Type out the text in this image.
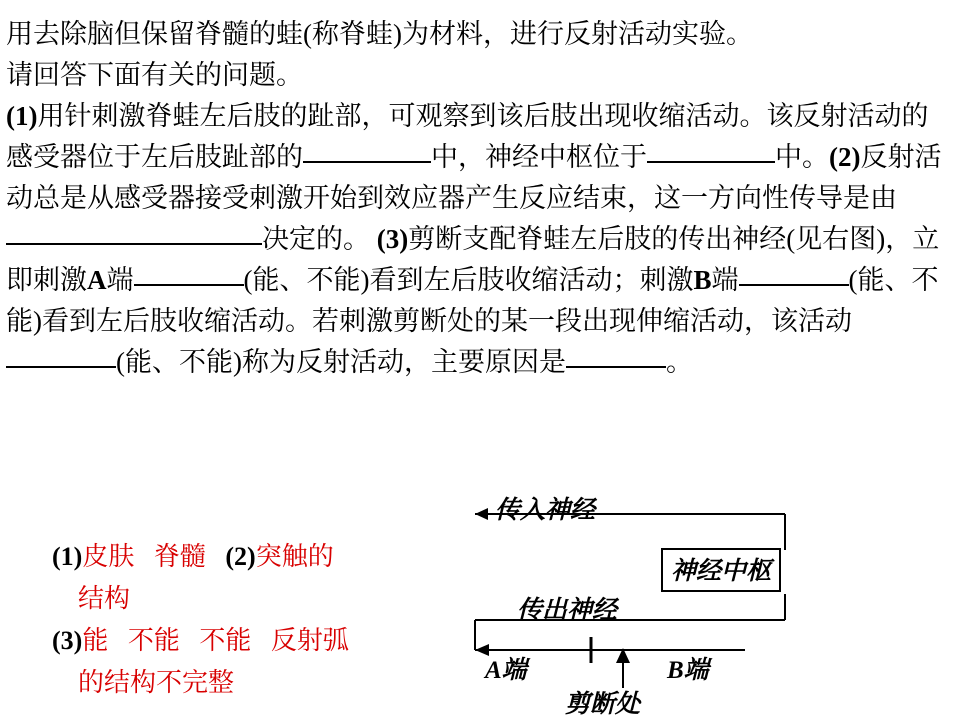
用去除脑但保留脊髓的蛙(称脊蛙)为材料，进行反射活动实验。

请回答下面有关的问题。

(1)用针刺激脊蛙左后肢的趾部，可观察到该后肢出现收缩活动。该反射活动的感受器位于左后肢趾部的	中，神经中枢位于	中。(2)反射活动总是从感受器接受刺激开始到效应器产生反应结束，这一方向性传导是由决定的。 (3)剪断支配脊蛙左后肢的传出神经(见右图)，立即刺激A端	(能、不能)看到左后肢收缩活动；刺激B端	(能、不能)看到左后肢收缩活动。若刺激剪断处的某一段出现伸缩活动，该活动(能、不能)称为反射活动，主要原因是	。

(1)皮肤 脊髓 (2)突触的
结构
(3)能 不能 不能 反射弧
的结构不完整
传入神经
神经中枢
传出神经
A端	B端
剪断处
